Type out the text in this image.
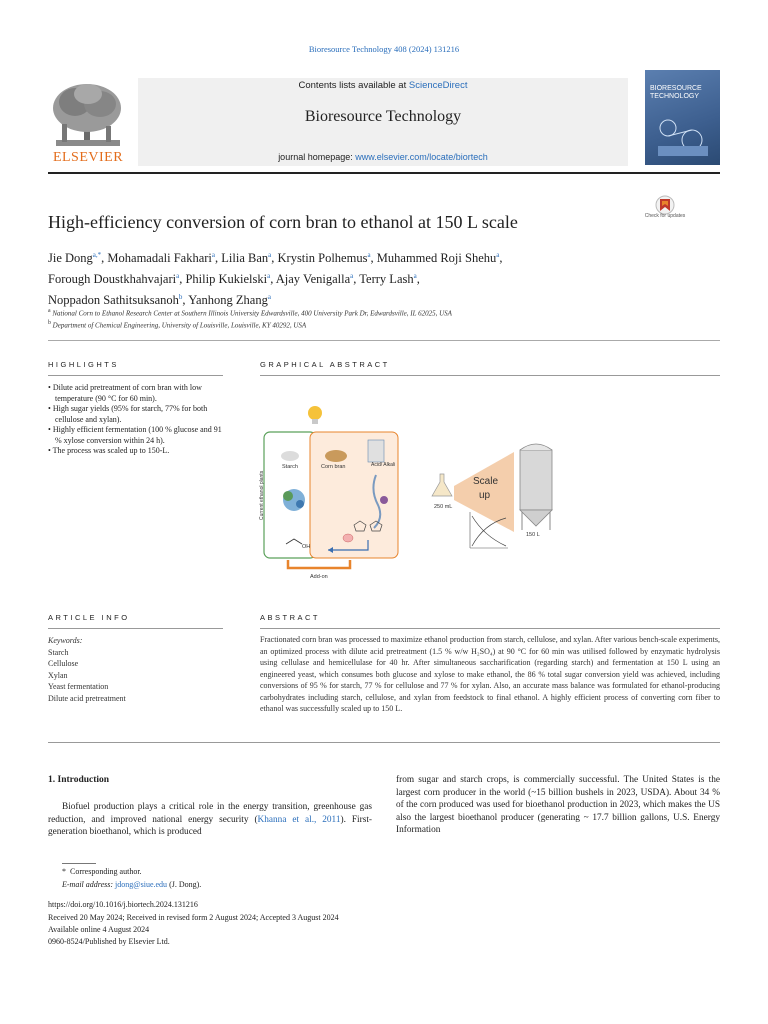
Bioresource Technology 408 (2024) 131216
ELSEVIER
Contents lists available at ScienceDirect
Bioresource Technology
journal homepage: www.elsevier.com/locate/biortech
BIORESOURCE
TECHNOLOGY
High-efficiency conversion of corn bran to ethanol at 150 L scale	Check for updates
Jie Dong$^{a,*}$, Mohamadali Fakhari$^a$, Lilia Ban$^a$, Krystin Polhemus$^a$, Muhammed Roji Shehu$^a$,
Forough Doustkhahvajari$^a$, Philip Kukielski$^a$, Ajay Venigalla$^a$, Terry Lash$^a$,
Noppadon Sathitsuksanoh$^b$, Yanhong Zhang$^a$
$^a$ National Corn to Ethanol Research Center at Southern Illinois University Edwardsville, 400 University Park Dr, Edwardsville, IL 62025, USA
$^b$ Department of Chemical Engineering, University of Louisville, Louisville, KY 40292, USA
HIGHLIGHTS
• Dilute acid pretreatment of corn bran with low temperature (90 °C for 60 min).
• High sugar yields (95% for starch, 77% for both cellulose and xylan).
• Highly efficient fermentation (100 % glucose and 91 % xylose conversion within 24 h).
• The process was scaled up to 150-L.
GRAPHICAL ABSTRACT
Current ethanol plants
Starch	Corn bran	Acid/ Alkali
OH
Add-on
250 mL
Scale
up
150 L
ARTICLE INFO
Keywords:
Starch
Cellulose
Xylan
Yeast fermentation
Dilute acid pretreatment
ABSTRACT
Fractionated corn bran was processed to maximize ethanol production from starch, cellulose, and xylan. After various bench-scale experiments, an optimized process with dilute acid pretreatment (1.5 % w/w H₂SO₄) at 90 °C for 60 min was utilised followed by enzymatic hydrolysis using cellulase and hemicellulase for 40 hr. After simultaneous saccharification (regarding starch) and fermentation at 150 L using an engineered yeast, which consumes both glucose and xylose to make ethanol, the 86 % total sugar conversion yield was achieved, including conversions of 95 % for starch, 77 % for cellulose and 77 % for xylan. Also, an accurate mass balance was formulated for ethanol-producing carbohydrates including starch, cellulose, and xylan from feedstock to final ethanol. A highly efficient process of converting corn fiber to ethanol was successfully scaled up to 150 L.
1. Introduction
Biofuel production plays a critical role in the energy transition, greenhouse gas reduction, and improved national energy security (Khanna et al., 2011). First-generation bioethanol, which is produced
from sugar and starch crops, is commercially successful. The United States is the largest corn producer in the world (~15 billion bushels in 2023, USDA). About 34 % of the corn produced was used for bioethanol production in 2023, which makes the US also the largest bioethanol producer (generating ~ 17.7 billion gallons, U.S. Energy Information
* Corresponding author.
E-mail address: jdong@siue.edu (J. Dong).
https://doi.org/10.1016/j.biortech.2024.131216
Received 20 May 2024; Received in revised form 2 August 2024; Accepted 3 August 2024
Available online 4 August 2024
0960-8524/Published by Elsevier Ltd.
